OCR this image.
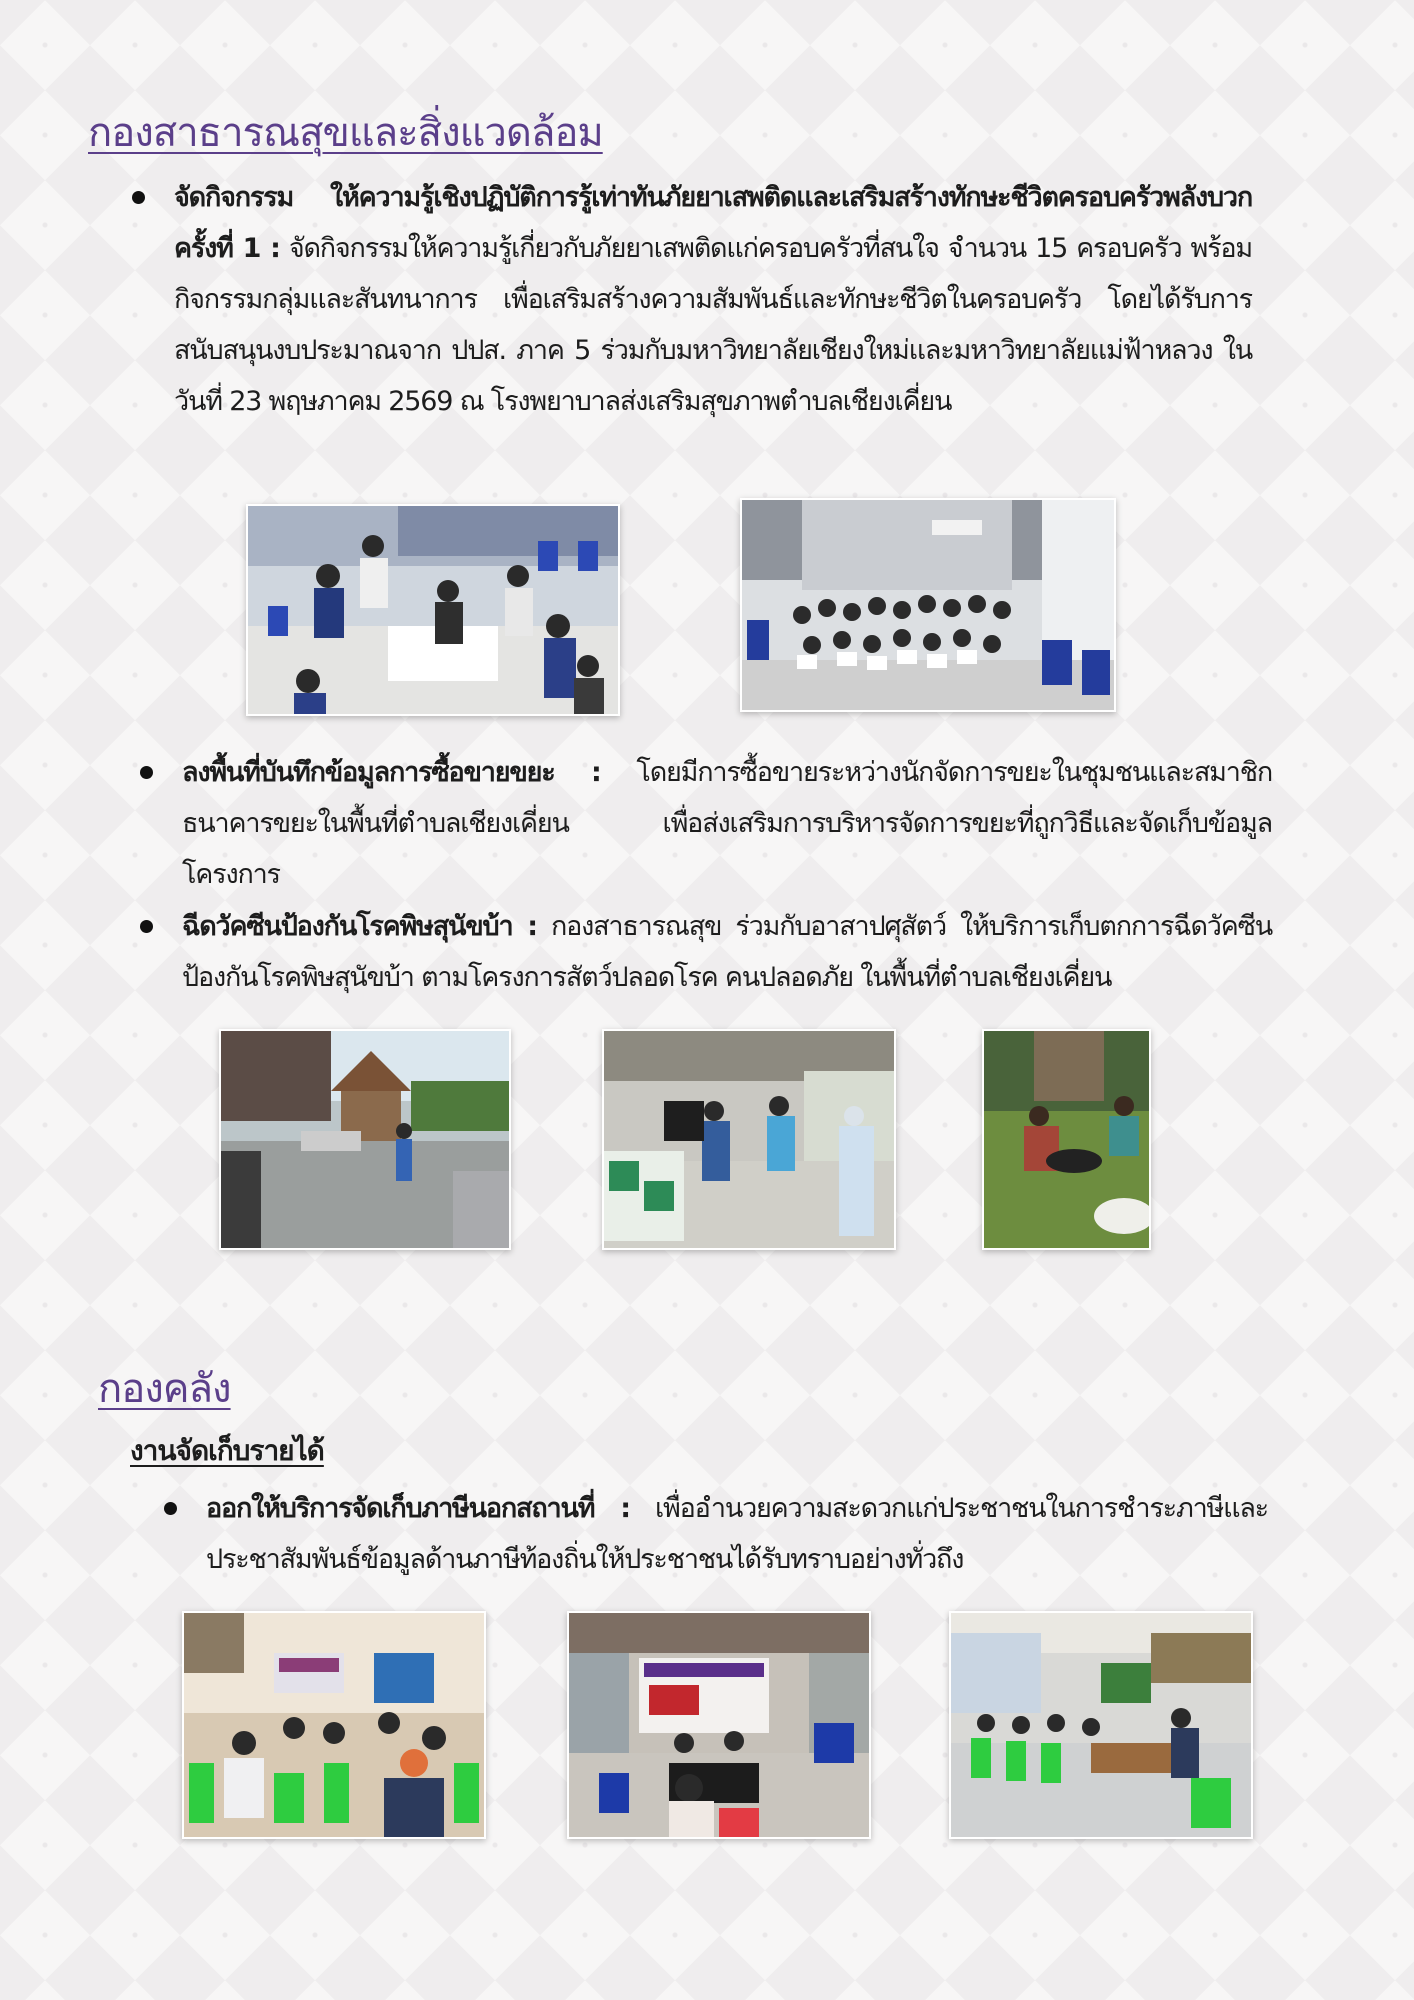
กองสาธารณสุขและสิ่งแวดล้อม
จัดกิจกรรม ให้ความรู้เชิงปฏิบัติการรู้เท่าทันภัยยาเสพติดและเสริมสร้างทักษะชีวิตครอบครัวพลังบวก ครั้งที่ 1 : จัดกิจกรรมให้ความรู้เกี่ยวกับภัยยาเสพติดแก่ครอบครัวที่สนใจ จำนวน 15 ครอบครัว พร้อมกิจกรรมกลุ่มและสันทนาการ เพื่อเสริมสร้างความสัมพันธ์และทักษะชีวิตในครอบครัว โดยได้รับการสนับสนุนงบประมาณจาก ปปส. ภาค 5 ร่วมกับมหาวิทยาลัยเชียงใหม่และมหาวิทยาลัยแม่ฟ้าหลวง ในวันที่ 23 พฤษภาคม 2569 ณ โรงพยาบาลส่งเสริมสุขภาพตำบลเชียงเคี่ยน
ลงพื้นที่บันทึกข้อมูลการซื้อขายขยะ : โดยมีการซื้อขายระหว่างนักจัดการขยะในชุมชนและสมาชิกธนาคารขยะในพื้นที่ตำบลเชียงเคี่ยน เพื่อส่งเสริมการบริหารจัดการขยะที่ถูกวิธีและจัดเก็บข้อมูลโครงการ
ฉีดวัคซีนป้องกันโรคพิษสุนัขบ้า : กองสาธารณสุข ร่วมกับอาสาปศุสัตว์ ให้บริการเก็บตกการฉีดวัคซีนป้องกันโรคพิษสุนัขบ้า ตามโครงการสัตว์ปลอดโรค คนปลอดภัย ในพื้นที่ตำบลเชียงเคี่ยน
กองคลัง
งานจัดเก็บรายได้
ออกให้บริการจัดเก็บภาษีนอกสถานที่ : เพื่ออำนวยความสะดวกแก่ประชาชนในการชำระภาษีและประชาสัมพันธ์ข้อมูลด้านภาษีท้องถิ่นให้ประชาชนได้รับทราบอย่างทั่วถึง
